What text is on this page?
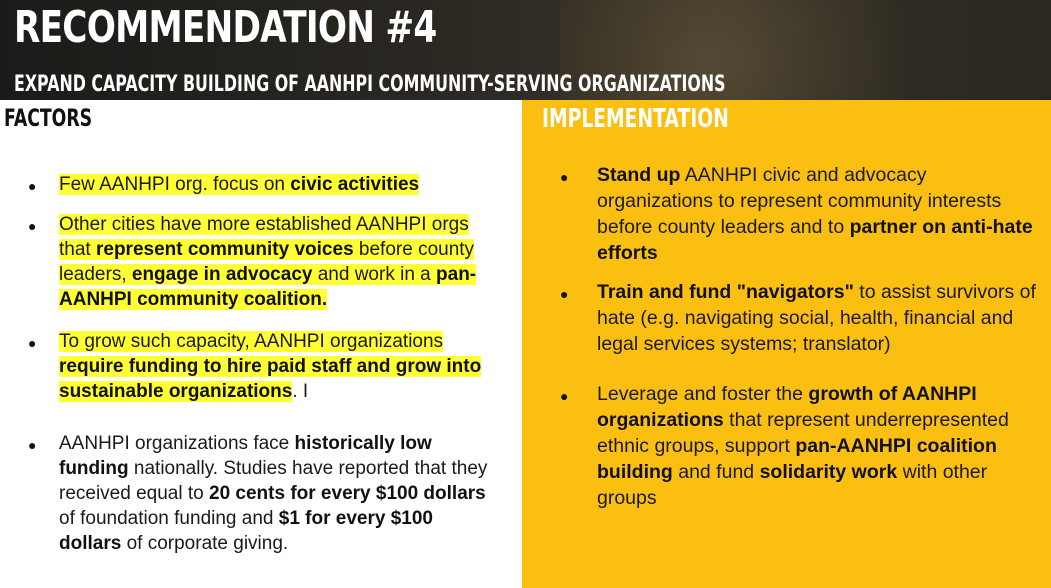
RECOMMENDATION #4
EXPAND CAPACITY BUILDING OF AANHPI COMMUNITY-SERVING ORGANIZATIONS
FACTORS
● Few AANHPI org. focus on civic activities
● Other cities have more established AANHPI orgs that represent community voices before county leaders, engage in advocacy and work in a pan-AANHPI community coalition.
● To grow such capacity, AANHPI organizations require funding to hire paid staff and grow into sustainable organizations. I
● AANHPI organizations face historically low funding nationally. Studies have reported that they received equal to 20 cents for every $100 dollars of foundation funding and $1 for every $100 dollars of corporate giving.
IMPLEMENTATION
● Stand up AANHPI civic and advocacy organizations to represent community interests before county leaders and to partner on anti-hate efforts
● Train and fund "navigators" to assist survivors of hate (e.g. navigating social, health, financial and legal services systems; translator)
● Leverage and foster the growth of AANHPI organizations that represent underrepresented ethnic groups, support pan-AANHPI coalition building and fund solidarity work with other groups
